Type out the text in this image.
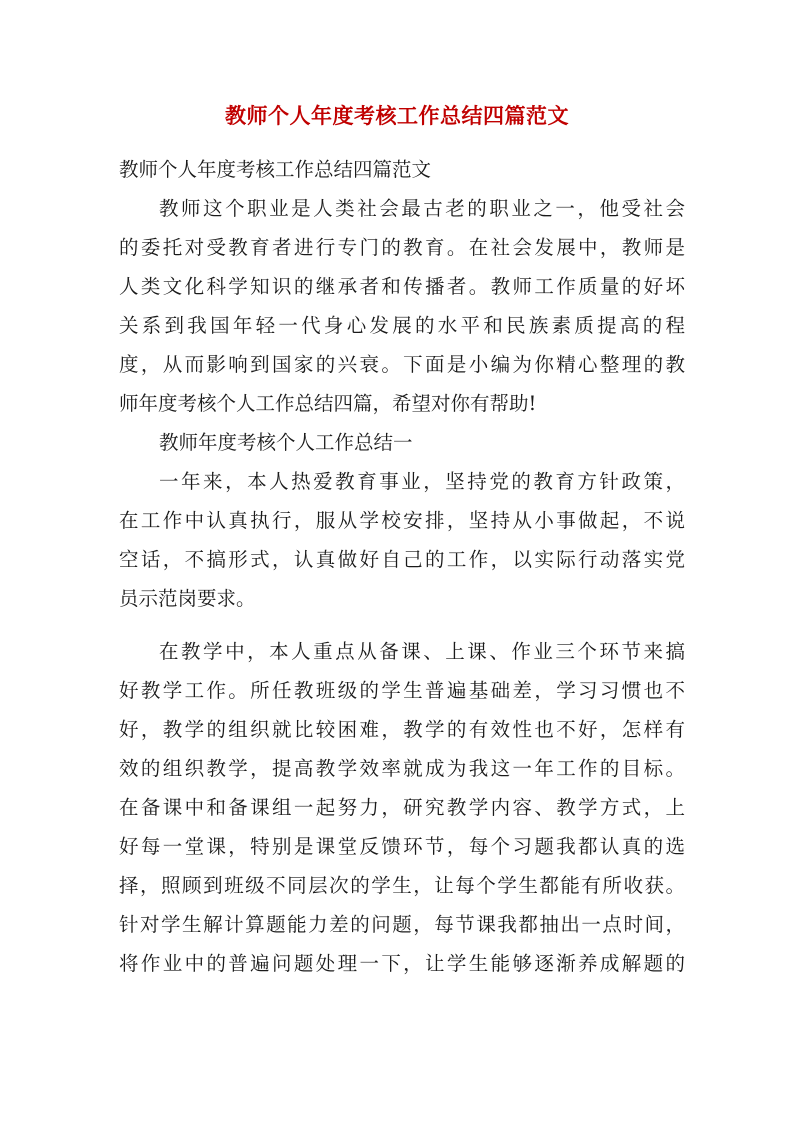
教师个人年度考核工作总结四篇范文
教师个人年度考核工作总结四篇范文
教师这个职业是人类社会最古老的职业之一，他受社会
的委托对受教育者进行专门的教育。在社会发展中，教师是
人类文化科学知识的继承者和传播者。教师工作质量的好坏
关系到我国年轻一代身心发展的水平和民族素质提高的程
度，从而影响到国家的兴衰。下面是小编为你精心整理的教
师年度考核个人工作总结四篇，希望对你有帮助!
教师年度考核个人工作总结一
一年来，本人热爱教育事业，坚持党的教育方针政策，
在工作中认真执行，服从学校安排，坚持从小事做起，不说
空话，不搞形式，认真做好自己的工作，以实际行动落实党
员示范岗要求。
在教学中，本人重点从备课、上课、作业三个环节来搞
好教学工作。所任教班级的学生普遍基础差，学习习惯也不
好，教学的组织就比较困难，教学的有效性也不好，怎样有
效的组织教学，提高教学效率就成为我这一年工作的目标。
在备课中和备课组一起努力，研究教学内容、教学方式，上
好每一堂课，特别是课堂反馈环节，每个习题我都认真的选
择，照顾到班级不同层次的学生，让每个学生都能有所收获。
针对学生解计算题能力差的问题，每节课我都抽出一点时间，
将作业中的普遍问题处理一下，让学生能够逐渐养成解题的
